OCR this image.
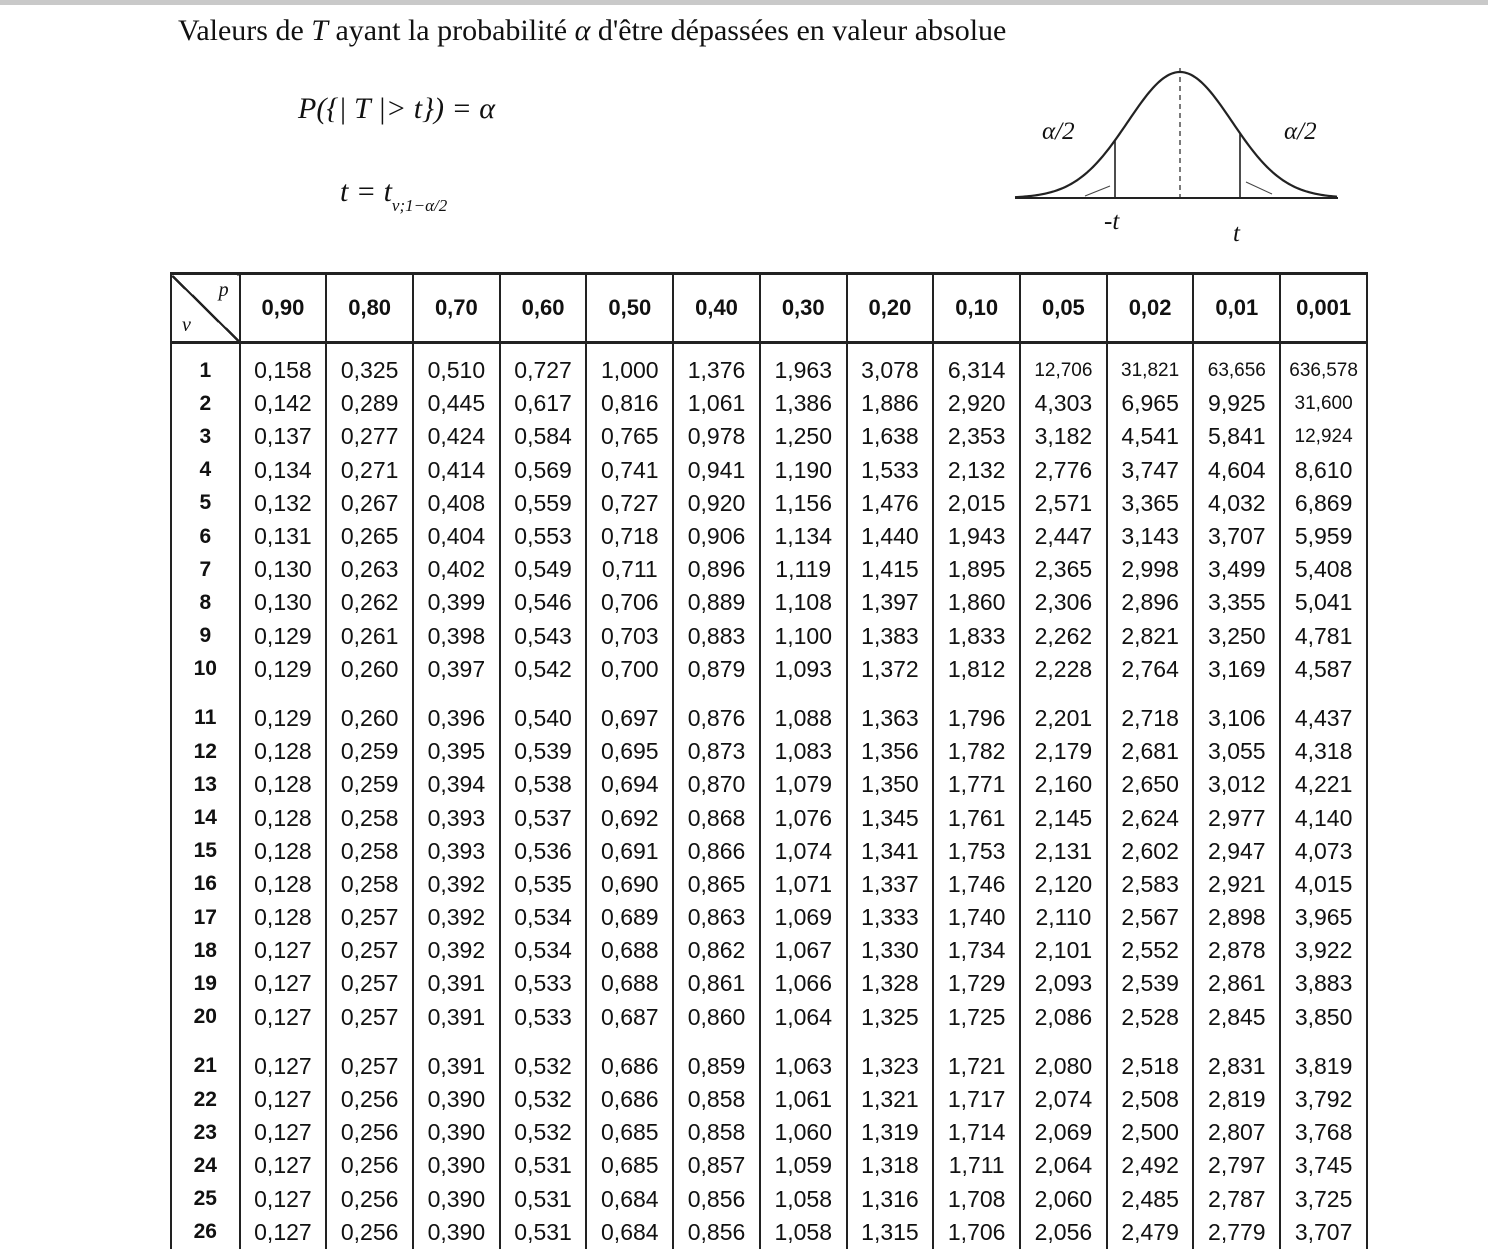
Valeurs de T ayant la probabilité α d'être dépassées en valeur absolue
P({| T |> t}) = α
$t = t_{\nu;1-\alpha/2}$
α/2	α/2
-t	t
p
ν	0,90	0,80	0,70	0,60	0,50	0,40	0,30	0,20	0,10	0,05	0,02	0,01	0,001
1	0,158	0,325	0,510	0,727	1,000	1,376	1,963	3,078	6,314	12,706	31,821	63,656	636,578
2	0,142	0,289	0,445	0,617	0,816	1,061	1,386	1,886	2,920	4,303	6,965	9,925	31,600
3	0,137	0,277	0,424	0,584	0,765	0,978	1,250	1,638	2,353	3,182	4,541	5,841	12,924
4	0,134	0,271	0,414	0,569	0,741	0,941	1,190	1,533	2,132	2,776	3,747	4,604	8,610
5	0,132	0,267	0,408	0,559	0,727	0,920	1,156	1,476	2,015	2,571	3,365	4,032	6,869
6	0,131	0,265	0,404	0,553	0,718	0,906	1,134	1,440	1,943	2,447	3,143	3,707	5,959
7	0,130	0,263	0,402	0,549	0,711	0,896	1,119	1,415	1,895	2,365	2,998	3,499	5,408
8	0,130	0,262	0,399	0,546	0,706	0,889	1,108	1,397	1,860	2,306	2,896	3,355	5,041
9	0,129	0,261	0,398	0,543	0,703	0,883	1,100	1,383	1,833	2,262	2,821	3,250	4,781
10	0,129	0,260	0,397	0,542	0,700	0,879	1,093	1,372	1,812	2,228	2,764	3,169	4,587
11	0,129	0,260	0,396	0,540	0,697	0,876	1,088	1,363	1,796	2,201	2,718	3,106	4,437
12	0,128	0,259	0,395	0,539	0,695	0,873	1,083	1,356	1,782	2,179	2,681	3,055	4,318
13	0,128	0,259	0,394	0,538	0,694	0,870	1,079	1,350	1,771	2,160	2,650	3,012	4,221
14	0,128	0,258	0,393	0,537	0,692	0,868	1,076	1,345	1,761	2,145	2,624	2,977	4,140
15	0,128	0,258	0,393	0,536	0,691	0,866	1,074	1,341	1,753	2,131	2,602	2,947	4,073
16	0,128	0,258	0,392	0,535	0,690	0,865	1,071	1,337	1,746	2,120	2,583	2,921	4,015
17	0,128	0,257	0,392	0,534	0,689	0,863	1,069	1,333	1,740	2,110	2,567	2,898	3,965
18	0,127	0,257	0,392	0,534	0,688	0,862	1,067	1,330	1,734	2,101	2,552	2,878	3,922
19	0,127	0,257	0,391	0,533	0,688	0,861	1,066	1,328	1,729	2,093	2,539	2,861	3,883
20	0,127	0,257	0,391	0,533	0,687	0,860	1,064	1,325	1,725	2,086	2,528	2,845	3,850
21	0,127	0,257	0,391	0,532	0,686	0,859	1,063	1,323	1,721	2,080	2,518	2,831	3,819
22	0,127	0,256	0,390	0,532	0,686	0,858	1,061	1,321	1,717	2,074	2,508	2,819	3,792
23	0,127	0,256	0,390	0,532	0,685	0,858	1,060	1,319	1,714	2,069	2,500	2,807	3,768
24	0,127	0,256	0,390	0,531	0,685	0,857	1,059	1,318	1,711	2,064	2,492	2,797	3,745
25	0,127	0,256	0,390	0,531	0,684	0,856	1,058	1,316	1,708	2,060	2,485	2,787	3,725
26	0,127	0,256	0,390	0,531	0,684	0,856	1,058	1,315	1,706	2,056	2,479	2,779	3,707
